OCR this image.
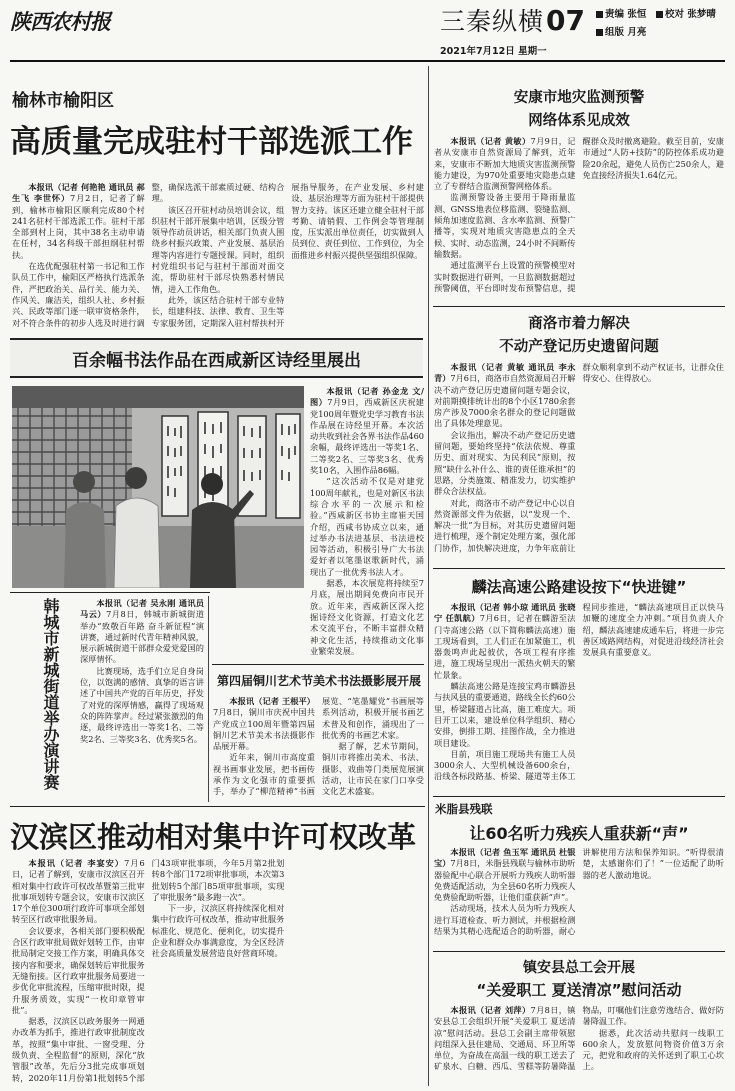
陕西农村报	三秦纵横 07	责编 张恒	校对 张梦晴
组版 月亮
2021年7月12日 星期一
榆林市榆阳区
高质量完成驻村干部选派工作

本报讯（记者 何艳艳 通讯员 郝生飞 李世怀）7月2日，记者了解到，榆林市榆阳区顺利完成80个村241名驻村干部选派工作。驻村干部全部到村上岗，其中38名主动申请在任村，34名科级干部担纲驻村帮扶。

在选优配强驻村第一书记和工作队员工作中，榆阳区严格执行选派条件，严把政治关、品行关、能力关、作风关、廉洁关，组织人社、乡村振兴、民政等部门逐一联审资格条件，对不符合条件的初步人选及时进行调整，确保选派干部素质过硬、结构合理。

该区召开驻村动员培训会议，组织驻村干部开展集中培训，区级分管领导作动员讲话，相关部门负责人围绕乡村振兴政策、产业发展、基层治理等内容进行专题授课。同时，组织村党组织书记与驻村干部面对面交流，帮助驻村干部尽快熟悉村情民情，进入工作角色。

此外，该区结合驻村干部专业特长，组建科技、法律、教育、卫生等专家服务团，定期深入驻村帮扶村开展指导服务，在产业发展、乡村建设、基层治理等方面为驻村干部提供智力支持。该区还建立健全驻村干部考勤、请销假、工作例会等管理制度，压实派出单位责任，切实做到人员到位、责任到位、工作到位，为全面推进乡村振兴提供坚强组织保障。

百余幅书法作品在西咸新区诗经里展出

本报讯（记者 孙金龙 文/图）7月9日，西咸新区庆祝建党100周年暨党史学习教育书法作品展在诗经里开幕。本次活动共收到社会各界书法作品460余幅，最终评选出一等奖1名、二等奖2名、三等奖3名、优秀奖10名，入围作品86幅。

“这次活动不仅是对建党100周年献礼，也是对新区书法综合水平的一次展示和检验。”西咸新区书协主席崔天国介绍，西咸书协成立以来，通过举办书法进基层、书法进校园等活动，积极引导广大书法爱好者以笔墨讴歌新时代，涌现出了一批优秀书法人才。

据悉，本次展览将持续至7月底，展出期间免费向市民开放。近年来，西咸新区深入挖掘诗经文化资源，打造文化艺术交流平台，不断丰富群众精神文化生活，持续推动文化事业繁荣发展。

韩城市新城街道举办演讲赛	本报讯（记者 吴永刚 通讯员 马云）7月8日，韩城市新城街道举办“致敬百年路 奋斗新征程”演讲赛，通过新时代青年精神风貌，展示新城街道干部群众爱党爱国的深厚情怀。

比赛现场，选手们立足自身岗位，以饱满的感情、真挚的语言讲述了中国共产党的百年历史，抒发了对党的深厚情感，赢得了现场观众的阵阵掌声。经过紧张激烈的角逐，最终评选出一等奖1名、二等奖2名、三等奖3名、优秀奖5名。

第四届铜川艺术节美术书法摄影展开展

本报讯（记者 王根平）7月8日，铜川市庆祝中国共产党成立100周年暨第四届铜川艺术节美术书法摄影作品展开幕。

近年来，铜川市高度重视书画事业发展，把书画传承作为文化强市的重要抓手，举办了“柳范精神”书画展览、“笔墨耀党”书画展等系列活动，积极开展书画艺术普及和创作，涌现出了一批优秀的书画艺术家。

据了解，艺术节期间，铜川市将推出美术、书法、摄影、戏曲等门类展览展演活动，让市民在家门口享受文化艺术盛宴。

汉滨区推动相对集中许可权改革

本报讯（记者 李宴安）7月6日，记者了解到，安康市汉滨区召开相对集中行政许可权改革暨第三批审批事项划转专题会议，安康市汉滨区17个单位300项行政许可事项全部划转至区行政审批服务局。

会议要求，各相关部门要积极配合区行政审批局做好划转工作，由审批局制定交接工作方案，明确具体交接内容和要求，确保划转后审批服务无缝衔接。区行政审批服务局要进一步优化审批流程，压缩审批时限，提升服务质效，实现“一枚印章管审批”。

据悉，汉滨区以政务服务一网通办改革为抓手，推进行政审批制度改革，按照“集中审批、一窗受理、分级负责、全程监督”的原则，深化“放管服”改革，先后分3批完成事项划转，2020年11月份第1批划转5个部门43项审批事项，今年5月第2批划转8个部门172项审批事项，本次第3批划转5个部门85项审批事项，实现了审批服务“最多跑一次”。

下一步，汉滨区将持续深化相对集中行政许可权改革，推动审批服务标准化、规范化、便利化，切实提升企业和群众办事满意度，为全区经济社会高质量发展营造良好营商环境。

安康市地灾监测预警
网络体系见成效

本报讯（记者 黄敏）7月9日，记者从安康市自然资源局了解到，近年来，安康市不断加大地质灾害监测预警能力建设，为970处重要地灾隐患点建立了专群结合监测预警网格体系。

监测预警设备主要用于降雨量监测、GNSS地表位移监测、裂缝监测、倾角加速度监测、含水率监测、预警广播等，实现对地质灾害隐患点的全天候、实时、动态监测，24小时不间断传输数据。

通过监测平台上设置的预警模型对实时数据进行研判，一旦监测数据超过预警阈值，平台即时发布预警信息，提醒群众及时撤离避险。截至目前，安康市通过“人防+技防”的防控体系成功避险20余起，避免人员伤亡250余人，避免直接经济损失1.64亿元。

商洛市着力解决
不动产登记历史遗留问题

本报讯（记者 黄敏 通讯员 李永青）7月6日，商洛市自然资源局召开解决不动产登记历史遗留问题专题会议，对前期摸排统计出的8个小区1780余套房产涉及7000余名群众的登记问题做出了具体处理意见。

会议指出，解决不动产登记历史遗留问题，要始终坚持“依法依规、尊重历史、面对现实、为民利民”原则，按照“缺什么补什么、谁的责任谁承担”的思路，分类施策、精准发力，切实维护群众合法权益。

对此，商洛市不动产登记中心以自然资源部文件为依据，以“发现一个、解决一批”为目标，对其历史遗留问题进行梳理，逐个制定处理方案，强化部门协作，加快解决进度，力争年底前让群众顺利拿到不动产权证书，让群众住得安心、住得放心。

麟法高速公路建设按下“快进键”

本报讯（记者 韩小琼 通讯员 张晓宁 任凯航）7月6日，记者在麟游至法门寺高速公路（以下简称麟法高速）施工现场看到，工人们正在加紧施工，机器轰鸣声此起彼伏，各项工程有序推进，施工现场呈现出一派热火朝天的繁忙景象。

麟法高速公路是连接宝鸡市麟游县与扶风县的重要通道，路线全长约60公里，桥梁隧道占比高，施工难度大。项目开工以来，建设单位科学组织、精心安排，倒排工期、挂图作战，全力推进项目建设。

目前，项目施工现场共有施工人员3000余人、大型机械设备600余台，沿线各标段路基、桥梁、隧道等主体工程同步推进，“麟法高速项目正以快马加鞭的速度全力冲刺。”项目负责人介绍，麟法高速建成通车后，将进一步完善区域路网结构，对促进沿线经济社会发展具有重要意义。

米脂县残联
让60名听力残疾人重获新“声”

本报讯（记者 鱼玉军 通讯员 杜银宝）7月8日，米脂县残联与榆林市助听器验配中心联合开展听力残疾人助听器免费适配活动，为全县60名听力残疾人免费验配助听器，让他们重获新“声”。

活动现场，技术人员为听力残疾人进行耳道检查、听力测试，并根据检测结果为其精心选配适合的助听器，耐心讲解使用方法和保养知识。“听得很清楚，太感谢你们了！”一位适配了助听器的老人激动地说。

镇安县总工会开展
“关爱职工 夏送清凉”慰问活动

本报讯（记者 刘萍）7月8日，镇安县总工会组织开展“关爱职工 夏送清凉”慰问活动。县总工会副主席带领慰问组深入县住建局、交通局、环卫所等单位，为奋战在高温一线的职工送去了矿泉水、白糖、西瓜、雪糕等防暑降温物品，叮嘱他们注意劳逸结合、做好防暑降温工作。

据悉，此次活动共慰问一线职工600余人，发放慰问物资价值3万余元，把党和政府的关怀送到了职工心坎上。
